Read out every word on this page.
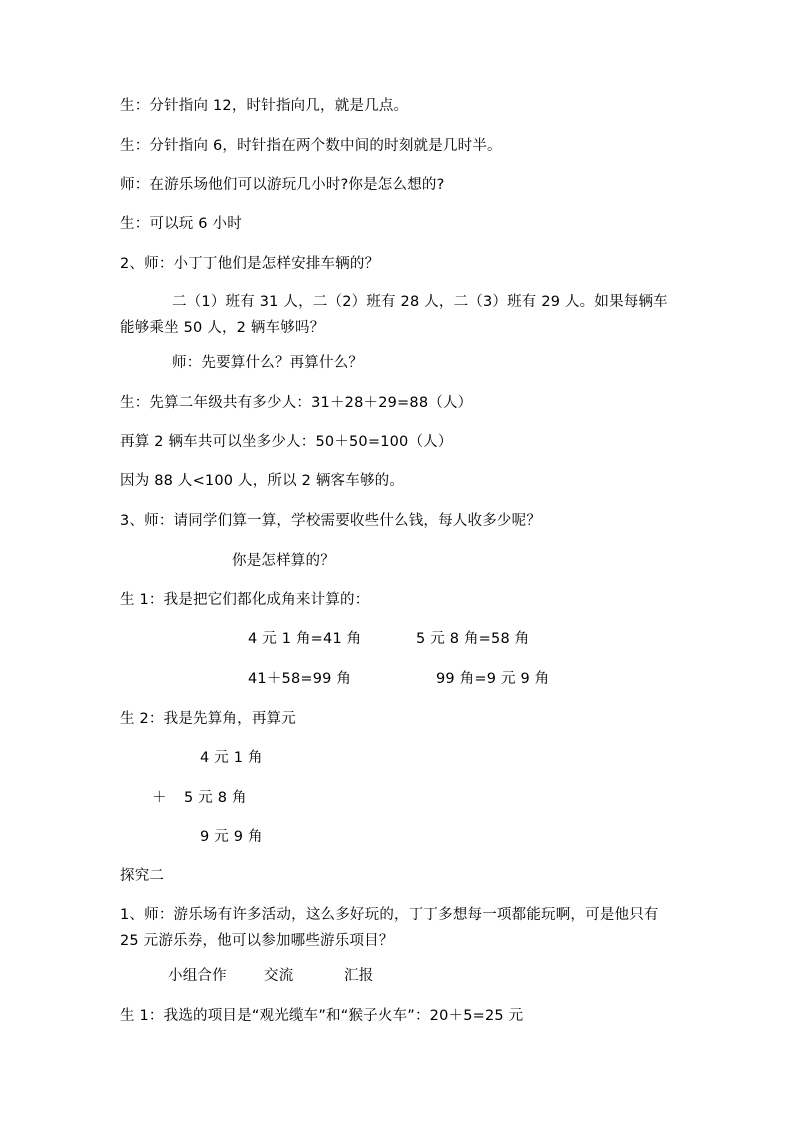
生：分针指向 12，时针指向几，就是几点。
生：分针指向 6，时针指在两个数中间的时刻就是几时半。
师：在游乐场他们可以游玩几小时?你是怎么想的?
生：可以玩 6 小时
2、师：小丁丁他们是怎样安排车辆的？
二（1）班有 31 人，二（2）班有 28 人，二（3）班有 29 人。如果每辆车能够乘坐 50 人，2 辆车够吗？
师：先要算什么？再算什么？
生：先算二年级共有多少人：31＋28＋29=88（人）
再算 2 辆车共可以坐多少人：50＋50=100（人）
因为 88 人<100 人，所以 2 辆客车够的。
3、师：请同学们算一算，学校需要收些什么钱，每人收多少呢？
你是怎样算的？
生 1：我是把它们都化成角来计算的：
4 元 1 角=41 角	5 元 8 角=58 角
41＋58=99 角	99 角=9 元 9 角
生 2：我是先算角，再算元
4 元 1 角
＋ 5 元 8 角
9 元 9 角
探究二
1、师：游乐场有许多活动，这么多好玩的，丁丁多想每一项都能玩啊，可是他只有 25 元游乐券，他可以参加哪些游乐项目？
小组合作	交流	汇报
生 1：我选的项目是“观光缆车”和“猴子火车”：20＋5=25 元
